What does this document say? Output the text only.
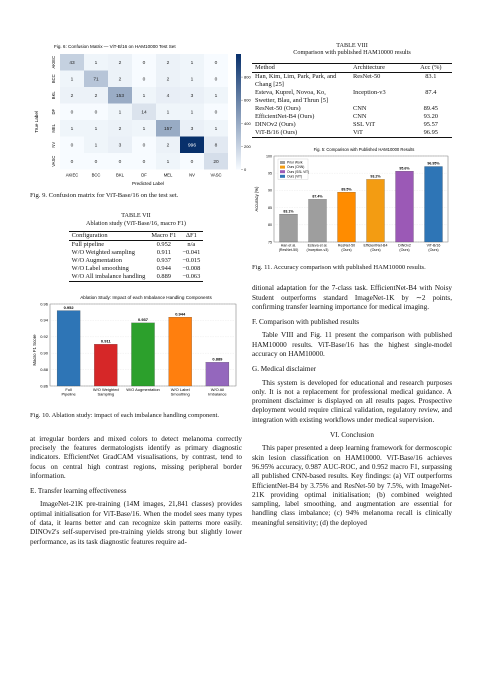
Fig. 6: Confusion Matrix — ViT-B/16 on HAM10000 Test Set
43	1	2	0	2	1	0
1	71	2	0	2	1	0
2	2	153	1	4	3	1
0	0	1	14	1	1	0
1	1	2	1	157	3	1
0	1	3	0	2	996	8
0	0	0	0	1	0	20
AKIEC
AKIEC
BCC
BCC
BKL
BKL
DF
DF
MEL
MEL
NV
NV
VASC
VASC
800
600
400
200
0
Predicted Label
True Label
Fig. 9. Confusion matrix for ViT-Base/16 on the test set.
TABLE VII
Ablation study (ViT-Base/16, macro F1)
Configuration	Macro F1	ΔF1
Full pipeline	0.952	n/a
W/O Weighted sampling	0.911	−0.041
W/O Augmentation	0.937	−0.015
W/O Label smoothing	0.944	−0.008
W/O All imbalance handling	0.889	−0.063
Ablation Study: Impact of each Imbalance Handling Components
Macro F1 Score
0.96
0.94
0.92
0.90
0.88
0.86
0.952
Full
Pipeline
0.911
W/O Weighted
Sampling
0.937
W/O Augmentation
0.944
W/O Label
Smoothing
0.889
W/O All
Imbalance
Fig. 10. Ablation study: impact of each imbalance handling component.

at irregular borders and mixed colors to detect melanoma correctly precisely the features dermatologists identify as primary diagnostic indicators. EfficientNet GradCAM visualisations, by contrast, tend to focus on central high contrast regions, missing peripheral border information.

E. Transfer learning effectiveness

ImageNet-21K pre-training (14M images, 21,841 classes) provides optimal initialisation for ViT-Base/16. When the model sees many types of data, it learns better and can recognize skin patterns more easily. DINOv2's self-supervised pre-training yields strong but slightly lower performance, as its task diagnostic features require ad-

TABLE VIII
Comparison with published HAM10000 results
Method	Architecture	Acc (%)
Han, Kim, Lim, Park, Park, and Chang [25]	ResNet-50	83.1
Esteva, Kuprel, Novoa, Ko, Swetter, Blau, and Thrun [5]	Inception-v3	87.4
ResNet-50 (Ours)	CNN	89.45
EfficientNet-B4 (Ours)	CNN	93.20
DINOv2 (Ours)	SSL ViT	95.57
ViT-B/16 (Ours)	ViT	96.95
Fig. 5: Comparison with Published HAM10000 Results
Accuracy (%)
100
95
90
85
80
75
83.1%
Han et al.
(ResNet-50)
87.4%
Esteva et al.
(Inception-v3)
89.5%
ResNet-50
(Ours)
93.2%
EfficientNet-B4
(Ours)
95.6%
DINOv2
(Ours)
96.95%
ViT-B/16
(Ours)
Prior Work
Ours (CNN)
Ours (SSL ViT)
Ours (ViT)
Fig. 11. Accuracy comparison with published HAM10000 results.

ditional adaptation for the 7-class task. EfficientNet-B4 with Noisy Student outperforms standard ImageNet-1K by ∼2 points, confirming transfer learning importance for medical imaging.

F. Comparison with published results

Table VIII and Fig. 11 present the comparison with published HAM10000 results. ViT-Base/16 has the highest single-model accuracy on HAM10000.

G. Medical disclaimer

This system is developed for educational and research purposes only. It is not a replacement for professional medical guidance. A prominent disclaimer is displayed on all results pages. Prospective deployment would require clinical validation, regulatory review, and integration with existing workflows under medical supervision.

VI. Conclusion

This paper presented a deep learning framework for dermoscopic skin lesion classification on HAM10000. ViT-Base/16 achieves 96.95% accuracy, 0.987 AUC-ROC, and 0.952 macro F1, surpassing all published CNN-based results. Key findings: (a) ViT outperforms EfficientNet-B4 by 3.75% and ResNet-50 by 7.5%, with ImageNet-21K providing optimal initialisation; (b) combined weighted sampling, label smoothing, and augmentation are essential for handling class imbalance; (c) 94% melanoma recall is clinically meaningful sensitivity; (d) the deployed
